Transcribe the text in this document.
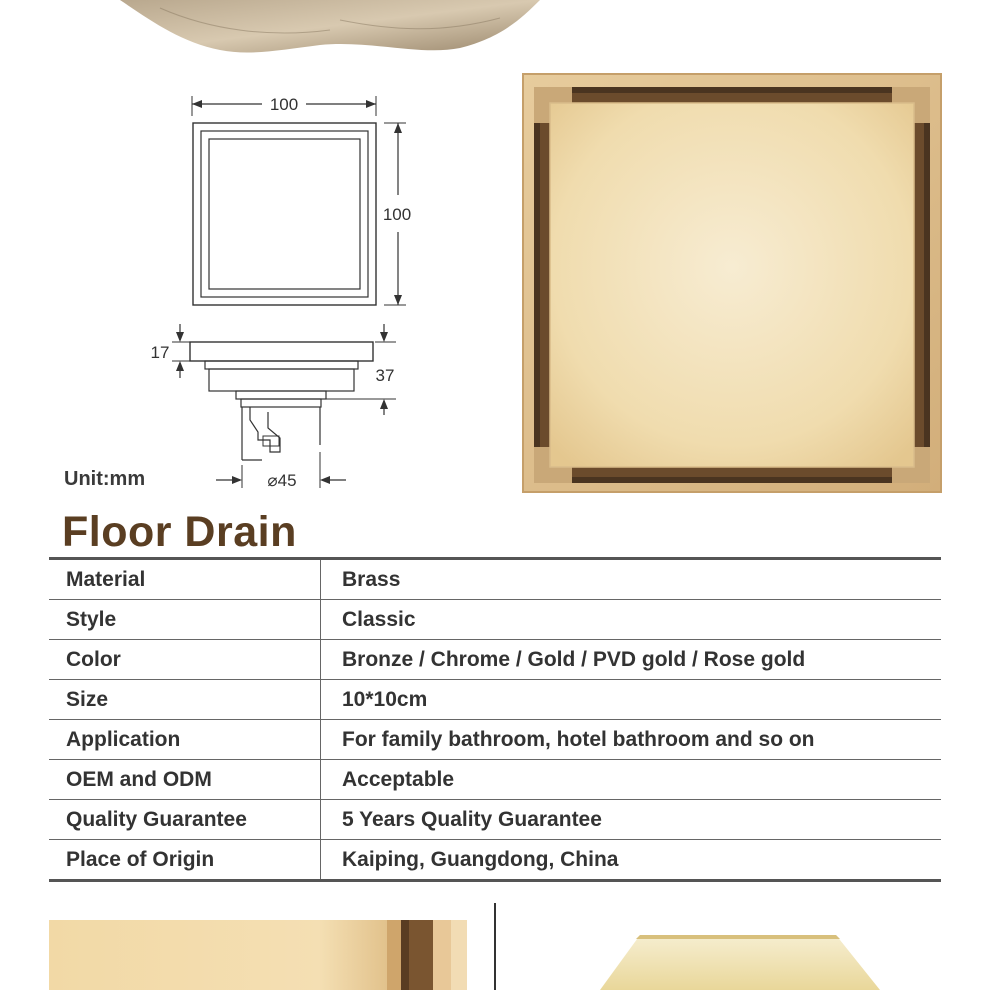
100
100
17
37
⌀45
Unit:mm
Floor Drain
Material	Brass
Style	Classic
Color	Bronze / Chrome / Gold / PVD gold / Rose gold
Size	10*10cm
Application	For family bathroom, hotel bathroom and so on
OEM and ODM	Acceptable
Quality Guarantee	5 Years Quality Guarantee
Place of Origin	Kaiping, Guangdong, China
